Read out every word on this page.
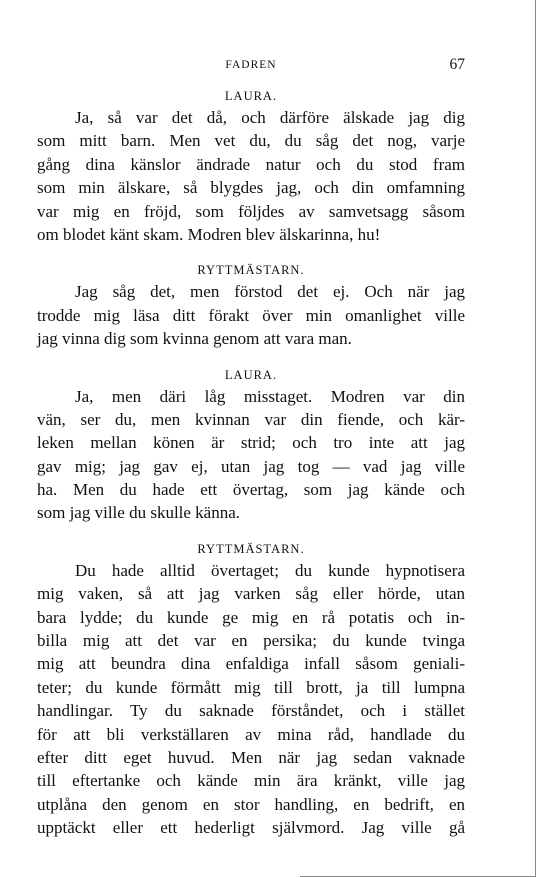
FADREN	67
LAURA.
Ja, så var det då, och därföre älskade jag dig
som mitt barn. Men vet du, du såg det nog, varje
gång dina känslor ändrade natur och du stod fram
som min älskare, så blygdes jag, och din omfamning
var mig en fröjd, som följdes av samvetsagg såsom
om blodet känt skam. Modren blev älskarinna, hu!
RYTTMÄSTARN.
Jag såg det, men förstod det ej. Och när jag
trodde mig läsa ditt förakt över min omanlighet ville
jag vinna dig som kvinna genom att vara man.
LAURA.
Ja, men däri låg misstaget. Modren var din
vän, ser du, men kvinnan var din fiende, och kär-
leken mellan könen är strid; och tro inte att jag
gav mig; jag gav ej, utan jag tog — vad jag ville
ha. Men du hade ett övertag, som jag kände och
som jag ville du skulle känna.
RYTTMÄSTARN.
Du hade alltid övertaget; du kunde hypnotisera
mig vaken, så att jag varken såg eller hörde, utan
bara lydde; du kunde ge mig en rå potatis och in-
billa mig att det var en persika; du kunde tvinga
mig att beundra dina enfaldiga infall såsom geniali-
teter; du kunde förmått mig till brott, ja till lumpna
handlingar. Ty du saknade förståndet, och i stället
för att bli verkställaren av mina råd, handlade du
efter ditt eget huvud. Men när jag sedan vaknade
till eftertanke och kände min ära kränkt, ville jag
utplåna den genom en stor handling, en bedrift, en
upptäckt eller ett hederligt självmord. Jag ville gå
